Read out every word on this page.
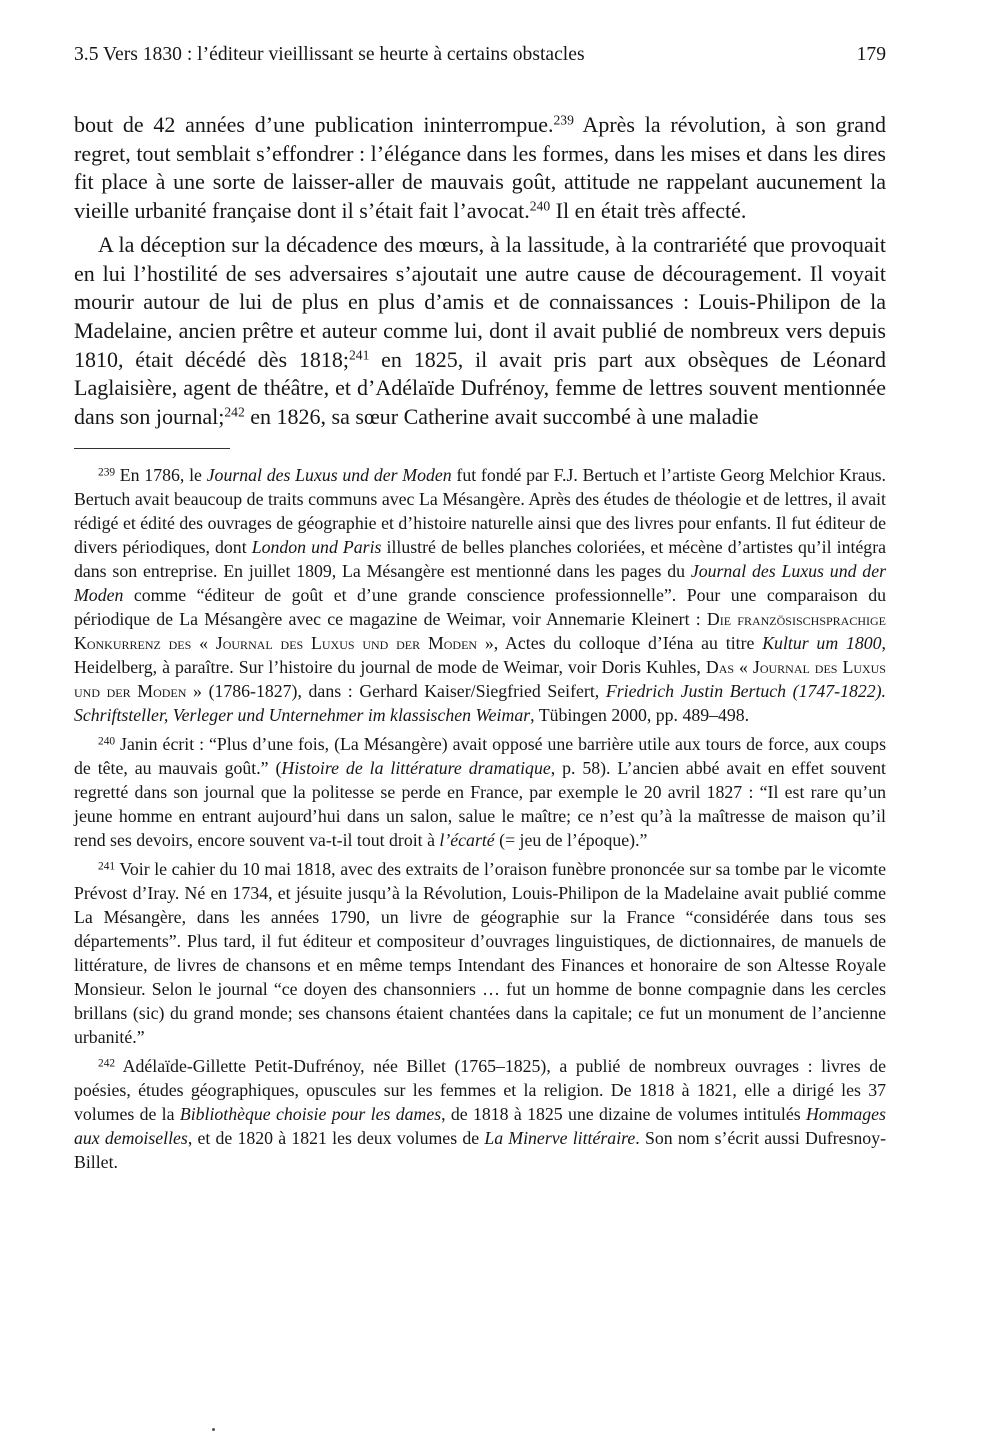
3.5 Vers 1830 : l’éditeur vieillissant se heurte à certains obstacles	179

bout de 42 années d’une publication ininterrompue.$^{239}$ Après la révolution, à son grand regret, tout semblait s’effondrer : l’élégance dans les formes, dans les mises et dans les dires fit place à une sorte de laisser-aller de mauvais goût, attitude ne rappelant aucunement la vieille urbanité française dont il s’était fait l’avocat.$^{240}$ Il en était très affecté.

A la déception sur la décadence des mœurs, à la lassitude, à la contrariété que provoquait en lui l’hostilité de ses adversaires s’ajoutait une autre cause de découragement. Il voyait mourir autour de lui de plus en plus d’amis et de connaissances : Louis-Philipon de la Madelaine, ancien prêtre et auteur comme lui, dont il avait publié de nombreux vers depuis 1810, était décédé dès 1818;$^{241}$ en 1825, il avait pris part aux obsèques de Léonard Laglaisière, agent de théâtre, et d’Adélaïde Dufrénoy, femme de lettres souvent mentionnée dans son journal;$^{242}$ en 1826, sa sœur Catherine avait succombé à une maladie

$^{239}$ En 1786, le Journal des Luxus und der Moden fut fondé par F.J. Bertuch et l’artiste Georg Melchior Kraus. Bertuch avait beaucoup de traits communs avec La Mésangère. Après des études de théologie et de lettres, il avait rédigé et édité des ouvrages de géographie et d’histoire naturelle ainsi que des livres pour enfants. Il fut éditeur de divers périodiques, dont London und Paris illustré de belles planches coloriées, et mécène d’artistes qu’il intégra dans son entreprise. En juillet 1809, La Mésangère est mentionné dans les pages du Journal des Luxus und der Moden comme “éditeur de goût et d’une grande conscience professionnelle”. Pour une comparaison du périodique de La Mésangère avec ce magazine de Weimar, voir Annemarie Kleinert : Die französischsprachige Konkurrenz des « Journal des Luxus und der Moden », Actes du colloque d’Iéna au titre Kultur um 1800, Heidelberg, à paraître. Sur l’histoire du journal de mode de Weimar, voir Doris Kuhles, Das « Journal des Luxus und der Moden » (1786-1827), dans : Gerhard Kaiser/Siegfried Seifert, Friedrich Justin Bertuch (1747-1822). Schriftsteller, Verleger und Unternehmer im klassischen Weimar, Tübingen 2000, pp. 489–498.

$^{240}$ Janin écrit : “Plus d’une fois, (La Mésangère) avait opposé une barrière utile aux tours de force, aux coups de tête, au mauvais goût.” (Histoire de la littérature dramatique, p. 58). L’ancien abbé avait en effet souvent regretté dans son journal que la politesse se perde en France, par exemple le 20 avril 1827 : “Il est rare qu’un jeune homme en entrant aujourd’hui dans un salon, salue le maître; ce n’est qu’à la maîtresse de maison qu’il rend ses devoirs, encore souvent va-t-il tout droit à l’écarté (= jeu de l’époque).”

$^{241}$ Voir le cahier du 10 mai 1818, avec des extraits de l’oraison funèbre prononcée sur sa tombe par le vicomte Prévost d’Iray. Né en 1734, et jésuite jusqu’à la Révolution, Louis-Philipon de la Madelaine avait publié comme La Mésangère, dans les années 1790, un livre de géographie sur la France “considérée dans tous ses départements”. Plus tard, il fut éditeur et compositeur d’ouvrages linguistiques, de dictionnaires, de manuels de littérature, de livres de chansons et en même temps Intendant des Finances et honoraire de son Altesse Royale Monsieur. Selon le journal “ce doyen des chansonniers … fut un homme de bonne compagnie dans les cercles brillans (sic) du grand monde; ses chansons étaient chantées dans la capitale; ce fut un monument de l’ancienne urbanité.”

$^{242}$ Adélaïde-Gillette Petit-Dufrénoy, née Billet (1765–1825), a publié de nombreux ouvrages : livres de poésies, études géographiques, opuscules sur les femmes et la religion. De 1818 à 1821, elle a dirigé les 37 volumes de la Bibliothèque choisie pour les dames, de 1818 à 1825 une dizaine de volumes intitulés Hommages aux demoiselles, et de 1820 à 1821 les deux volumes de La Minerve littéraire. Son nom s’écrit aussi Dufresnoy-Billet.
